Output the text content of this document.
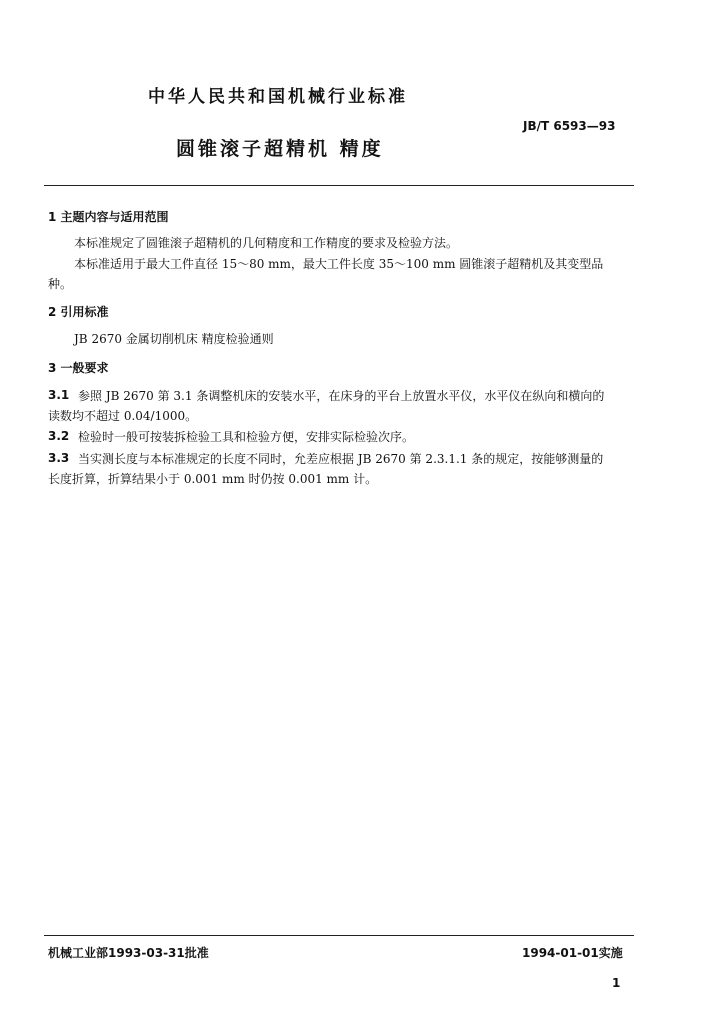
中华人民共和国机械行业标准
JB/T 6593—93
圆锥滚子超精机 精度
1 主题内容与适用范围
本标准规定了圆锥滚子超精机的几何精度和工作精度的要求及检验方法。
本标准适用于最大工件直径 15～80 mm，最大工件长度 35～100 mm 圆锥滚子超精机及其变型品
种。
2 引用标准
JB 2670 金属切削机床 精度检验通则
3 一般要求
3.1 参照 JB 2670 第 3.1 条调整机床的安装水平，在床身的平台上放置水平仪，水平仪在纵向和横向的
读数均不超过 0.04/1000。
3.2 检验时一般可按装拆检验工具和检验方便，安排实际检验次序。
3.3 当实测长度与本标准规定的长度不同时，允差应根据 JB 2670 第 2.3.1.1 条的规定，按能够测量的
长度折算，折算结果小于 0.001 mm 时仍按 0.001 mm 计。
机械工业部1993-03-31批准	1994-01-01实施
1
